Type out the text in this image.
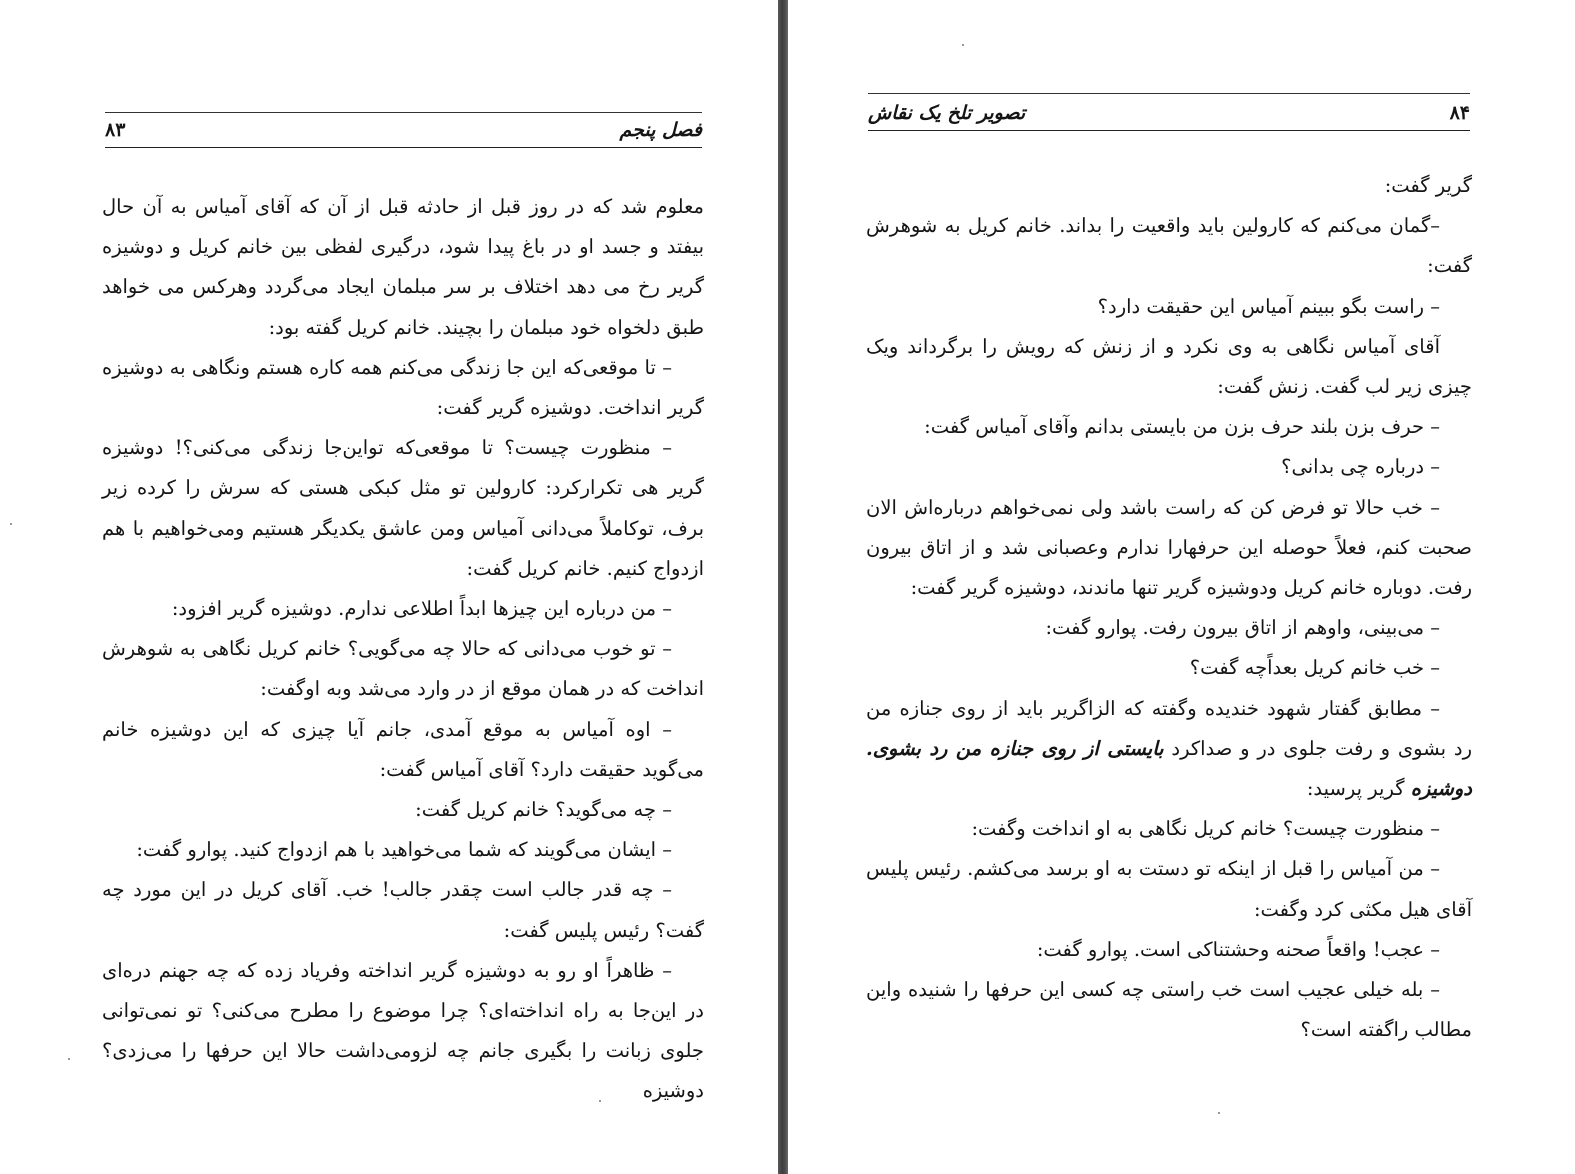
فصل پنجم
۸۳

معلوم شد که در روز قبل از حادثه قبل از آن که آقای آمیاس به آن حال بیفتد و جسد او در باغ پیدا شود، درگیری لفظی بین خانم کریل و دوشیزه گریر رخ می دهد اختلاف بر سر مبلمان ایجاد می‌گردد وهرکس می خواهد طبق دلخواه خود مبلمان را بچیند. خانم کریل گفته بود:

– تا موقعی‌که این جا زندگی می‌کنم همه کاره هستم ونگاهی به دوشیزه گریر انداخت. دوشیزه گریر گفت:

– منظورت چیست؟ تا موقعی‌که تواین‌جا زندگی می‌کنی؟! دوشیزه گریر هی تکرارکرد: کارولین تو مثل کبکی هستی که سرش را کرده زیر برف، توکاملاً می‌دانی آمیاس ومن عاشق یکدیگر هستیم ومی‌خواهیم با هم ازدواج کنیم. خانم کریل گفت:

– من درباره این چیزها ابداً اطلاعی ندارم. دوشیزه گریر افزود:

– تو خوب می‌دانی که حالا چه می‌گویی؟ خانم کریل نگاهی به شوهرش انداخت که در همان موقع از در وارد می‌شد وبه اوگفت:

– اوه آمیاس به موقع آمدی، جانم آیا چیزی که این دوشیزه خانم می‌گوید حقیقت دارد؟ آقای آمیاس گفت:

– چه می‌گوید؟ خانم کریل گفت:

– ایشان می‌گویند که شما می‌خواهید با هم ازدواج کنید. پوارو گفت:

– چه قدر جالب است چقدر جالب! خب. آقای کریل در این مورد چه گفت؟ رئیس پلیس گفت:

– ظاهراً او رو به دوشیزه گریر انداخته وفریاد زده که چه جهنم دره‌ای در این‌جا به راه انداخته‌ای؟ چرا موضوع را مطرح می‌کنی؟ تو نمی‌توانی جلوی زبانت را بگیری جانم چه لزومی‌داشت حالا این حرفها را می‌زدی؟ دوشیزه

۸۴
تصویر تلخ یک نقاش

گریر گفت:

–گمان می‌کنم که کارولین باید واقعیت را بداند. خانم کریل به شوهرش گفت:

– راست بگو ببینم آمیاس این حقیقت دارد؟

آقای آمیاس نگاهی به وی نکرد و از زنش که رویش را برگرداند ویک چیزی زیر لب گفت. زنش گفت:

– حرف بزن بلند حرف بزن من بایستی بدانم وآقای آمیاس گفت:

– درباره چی بدانی؟

– خب حالا تو فرض کن که راست باشد ولی نمی‌خواهم درباره‌اش الان صحبت کنم، فعلاً حوصله این حرفهارا ندارم وعصبانی شد و از اتاق بیرون رفت. دوباره خانم کریل ودوشیزه گریر تنها ماندند، دوشیزه گریر گفت:

– می‌بینی، واوهم از اتاق بیرون رفت. پوارو گفت:

– خب خانم کریل بعداًچه گفت؟

– مطابق گفتار شهود خندیده وگفته که الزاگریر باید از روی جنازه من رد بشوی و رفت جلوی در و صداکرد بایستی از روی جنازه من رد بشوی. دوشیزه گریر پرسید:

– منظورت چیست؟ خانم کریل نگاهی به او انداخت وگفت:

– من آمیاس را قبل از اینکه تو دستت به او برسد می‌کشم. رئیس پلیس آقای هیل مکثی کرد وگفت:

– عجب! واقعاً صحنه وحشتناکی است. پوارو گفت:

– بله خیلی عجیب است خب راستی چه کسی این حرفها را شنیده واین مطالب راگفته است؟
